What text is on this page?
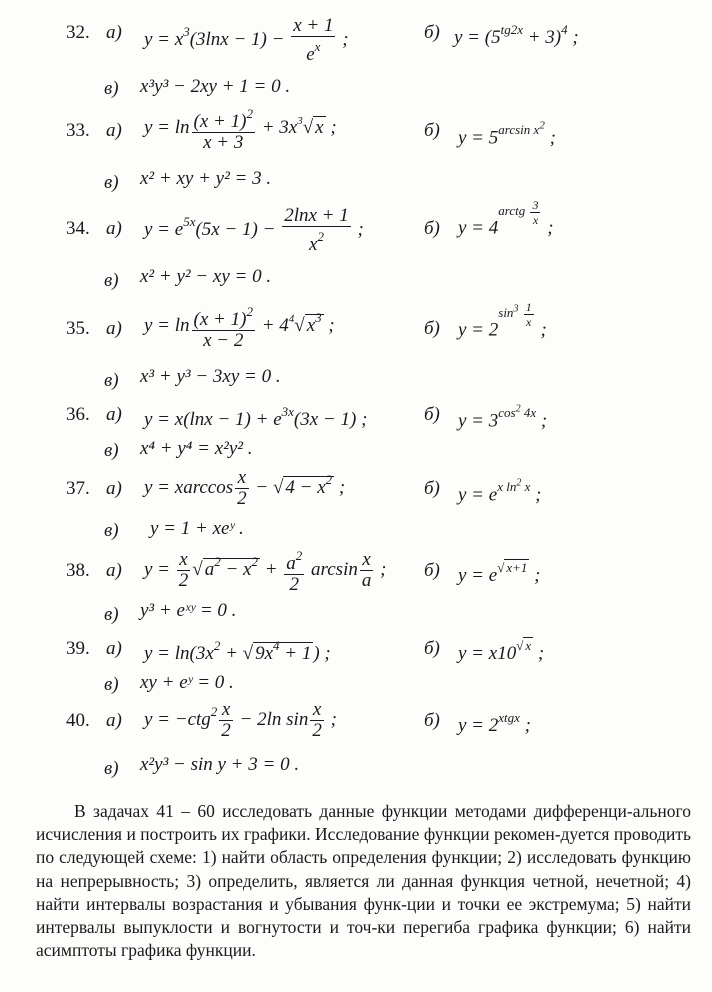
32. а) $y = x^3(3\ln x - 1) - \frac{x + 1}{e^x}$ ;	б) $y = (5^{tg2x} + 3)^4$ ;
в) x³y³ − 2xy + 1 = 0 .
33. а) $y = \ln \frac{(x + 1)^2}{x + 3} + 3x^3√$ x ;	б) $y = 5^{arcsin x^2}$ ;
в) x² + xy + y² = 3 .
34. а) $y = e^{5x}(5x - 1) - \frac{2\ln x + 1}{x^2}$ ;	б) $y = 4^{arctg \frac{3}{x}}$
;
в) x² + y² − xy = 0 .
35. а) $y = \ln \frac{(x + 1)^2}{x - 2} + 4^4√$ $x^3$ ;	б) $y = 2^{sin^3 \frac{1}{x}}$
;
в) x³ + y³ − 3xy = 0 .
36. а) $y = x(\ln x - 1) + e^{3x}(3x - 1)$ ;	б) $y = 3^{cos^2 4x}$ ;
в) x⁴ + y⁴ = x²y² .
37. а) y = xarccos $\frac{x}{2}$ − √ $4 - x^2$ ;	б) $y = e^{x ln^2 x}$ ;
в) y = 1 + xeʸ .
38. а) $y = \frac{x}{2}$ √ $a^2 - x^2 + \frac{a^2}{2}$ $\arcsin \frac{x}{a}$ ; б) $y = e^{√ x+1}$ ;
в) y³ + eˣʸ = 0 .
39. а) $y = \ln(3x^2$ + √ $9x^4 + 1$ ) ;	б) $y = x10^{√ x}$ ;
в) xy + eʸ = 0 .
40. а) $y = -ctg^2 \frac{x}{2} - 2\ln$ $\sin \frac{x}{2}$ ;	б) $y = 2^{xtgx}$ ;
в) x²y³ − sin y + 3 = 0 .
В задачах 41 – 60 исследовать данные функции методами дифференци-ального исчисления и построить их графики. Исследование функции рекомен-дуется проводить по следующей схеме: 1) найти область определения функции; 2) исследовать функцию на непрерывность; 3) определить, является ли данная функция четной, нечетной; 4) найти интервалы возрастания и убывания функ-ции и точки ее экстремума; 5) найти интервалы выпуклости и вогнутости и точ-ки перегиба графика функции; 6) найти асимптоты графика функции.
